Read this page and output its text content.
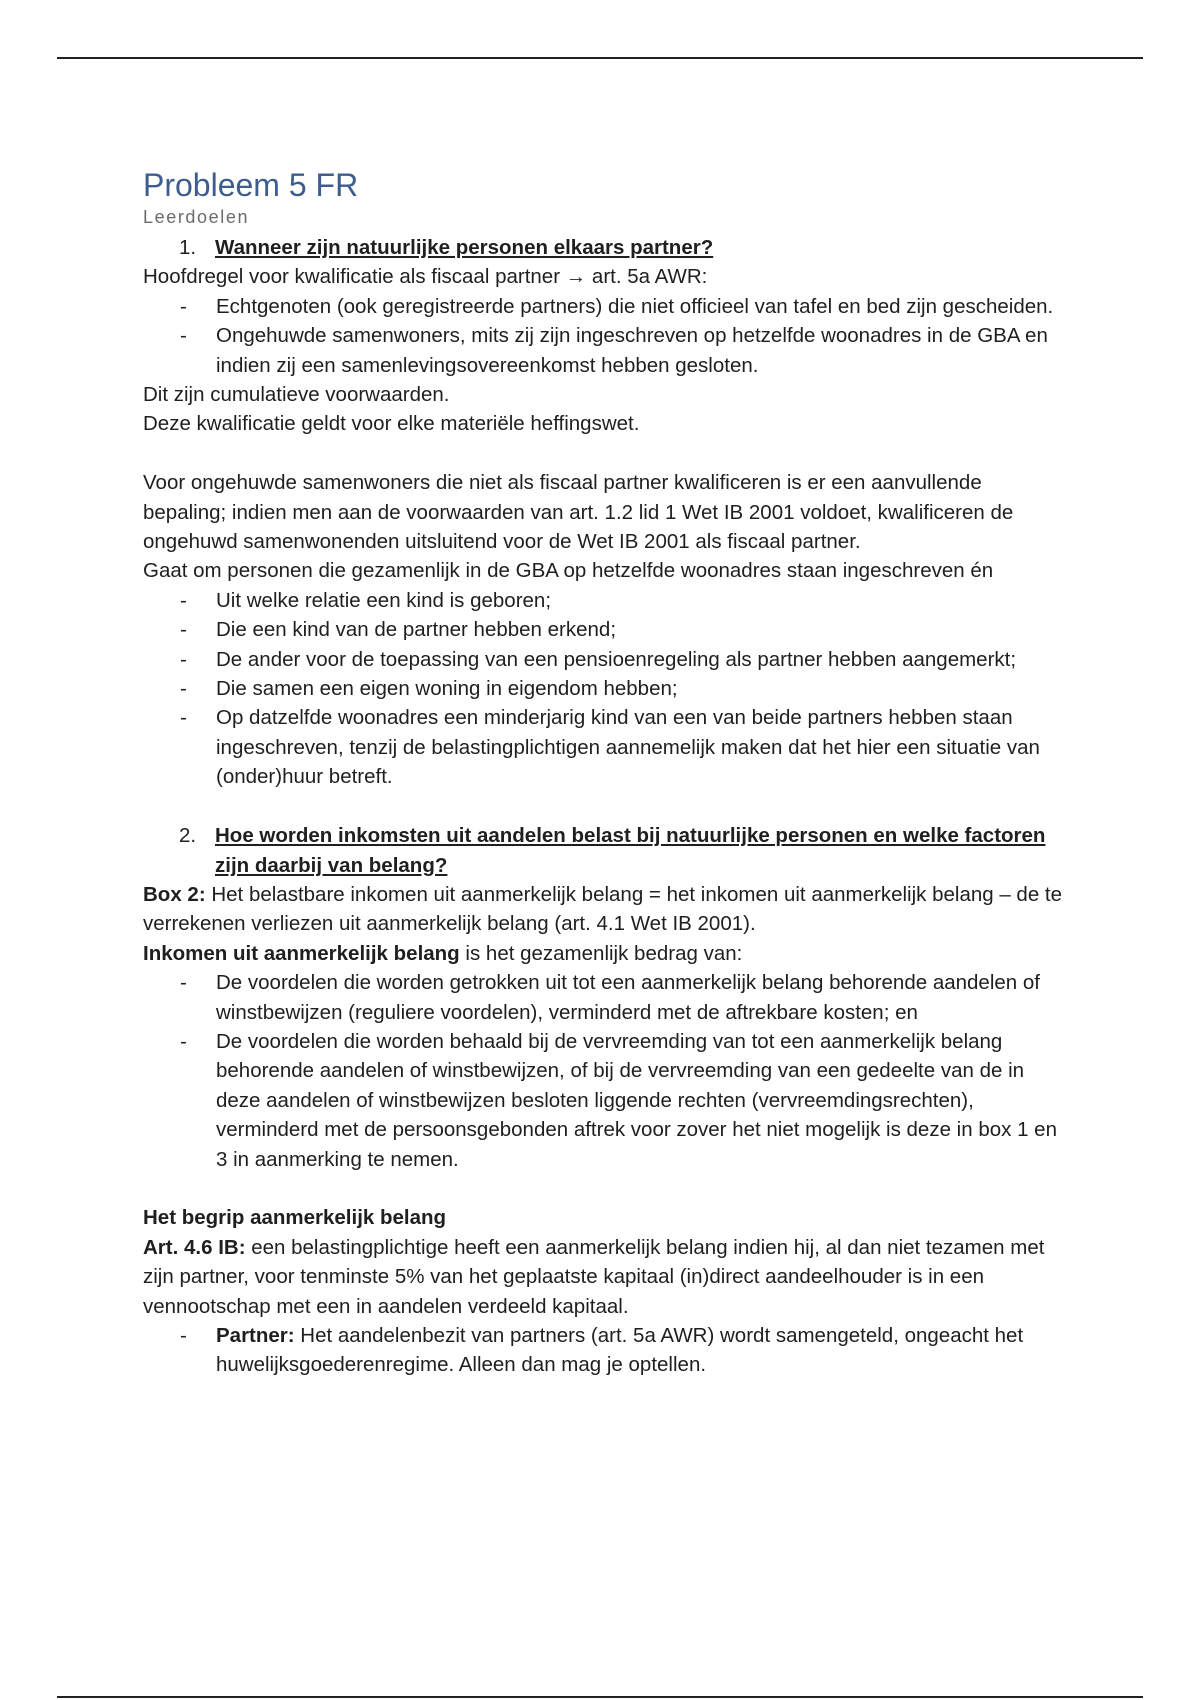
Probleem 5 FR
Leerdoelen
1. Wanneer zijn natuurlijke personen elkaars partner?

Hoofdregel voor kwalificatie als fiscaal partner → art. 5a AWR:

- Echtgenoten (ook geregistreerde partners) die niet officieel van tafel en bed zijn gescheiden.
- Ongehuwde samenwoners, mits zij zijn ingeschreven op hetzelfde woonadres in de GBA en indien zij een samenlevingsovereenkomst hebben gesloten.

Dit zijn cumulatieve voorwaarden.

Deze kwalificatie geldt voor elke materiële heffingswet.

Voor ongehuwde samenwoners die niet als fiscaal partner kwalificeren is er een aanvullende bepaling; indien men aan de voorwaarden van art. 1.2 lid 1 Wet IB 2001 voldoet, kwalificeren de ongehuwd samenwonenden uitsluitend voor de Wet IB 2001 als fiscaal partner.

Gaat om personen die gezamenlijk in de GBA op hetzelfde woonadres staan ingeschreven én

- Uit welke relatie een kind is geboren;
- Die een kind van de partner hebben erkend;
- De ander voor de toepassing van een pensioenregeling als partner hebben aangemerkt;
- Die samen een eigen woning in eigendom hebben;
- Op datzelfde woonadres een minderjarig kind van een van beide partners hebben staan ingeschreven, tenzij de belastingplichtigen aannemelijk maken dat het hier een situatie van (onder)huur betreft.
2. Hoe worden inkomsten uit aandelen belast bij natuurlijke personen en welke factoren zijn daarbij van belang?

Box 2: Het belastbare inkomen uit aanmerkelijk belang = het inkomen uit aanmerkelijk belang – de te verrekenen verliezen uit aanmerkelijk belang (art. 4.1 Wet IB 2001).

Inkomen uit aanmerkelijk belang is het gezamenlijk bedrag van:

- De voordelen die worden getrokken uit tot een aanmerkelijk belang behorende aandelen of winstbewijzen (reguliere voordelen), verminderd met de aftrekbare kosten; en
- De voordelen die worden behaald bij de vervreemding van tot een aanmerkelijk belang behorende aandelen of winstbewijzen, of bij de vervreemding van een gedeelte van de in deze aandelen of winstbewijzen besloten liggende rechten (vervreemdingsrechten), verminderd met de persoonsgebonden aftrek voor zover het niet mogelijk is deze in box 1 en 3 in aanmerking te nemen.

Het begrip aanmerkelijk belang

Art. 4.6 IB: een belastingplichtige heeft een aanmerkelijk belang indien hij, al dan niet tezamen met zijn partner, voor tenminste 5% van het geplaatste kapitaal (in)direct aandeelhouder is in een vennootschap met een in aandelen verdeeld kapitaal.

- Partner: Het aandelenbezit van partners (art. 5a AWR) wordt samengeteld, ongeacht het huwelijksgoederenregime. Alleen dan mag je optellen.
